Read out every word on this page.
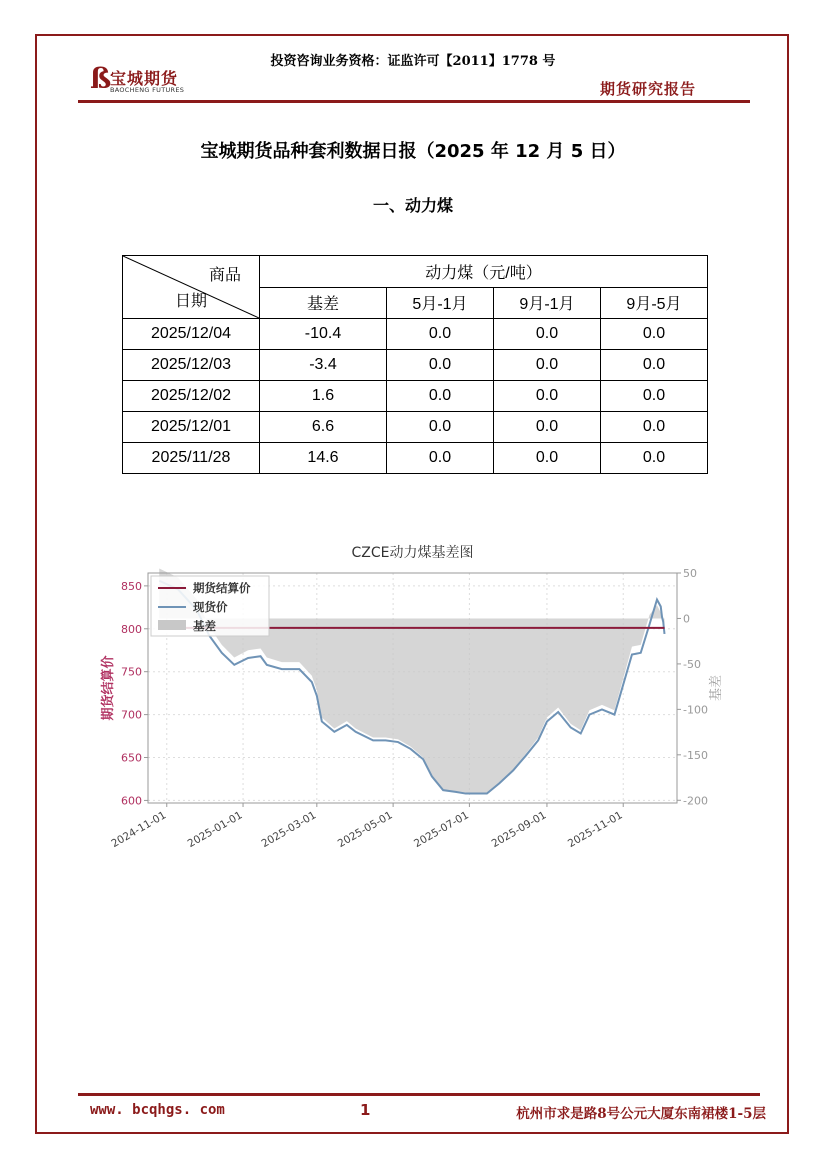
投资咨询业务资格：证监许可【2011】1778 号
ß
宝城期货
BAOCHENG FUTURES	期货研究报告
宝城期货品种套利数据日报（2025 年 12 月 5 日）
一、动力煤
商品
日期	动力煤（元/吨）			
	基差	5月-1月	9月-1月	9月-5月
2025/12/04	-10.4	0.0	0.0	0.0
2025/12/03	-3.4	0.0	0.0	0.0
2025/12/02	1.6	0.0	0.0	0.0
2025/12/01	6.6	0.0	0.0	0.0
2025/11/28	14.6	0.0	0.0	0.0
CZCE动力煤基差图
600
650
700
750
800
850
50
0
-50
-100
-150
-200
2024-11-01 2025-01-01 2025-03-01 2025-05-01 2025-07-01 2025-09-01 2025-11-01
期货结算价	基差
期货结算价
现货价
基差
www. bcqhgs. com	1	杭州市求是路8号公元大厦东南裙楼1-5层
